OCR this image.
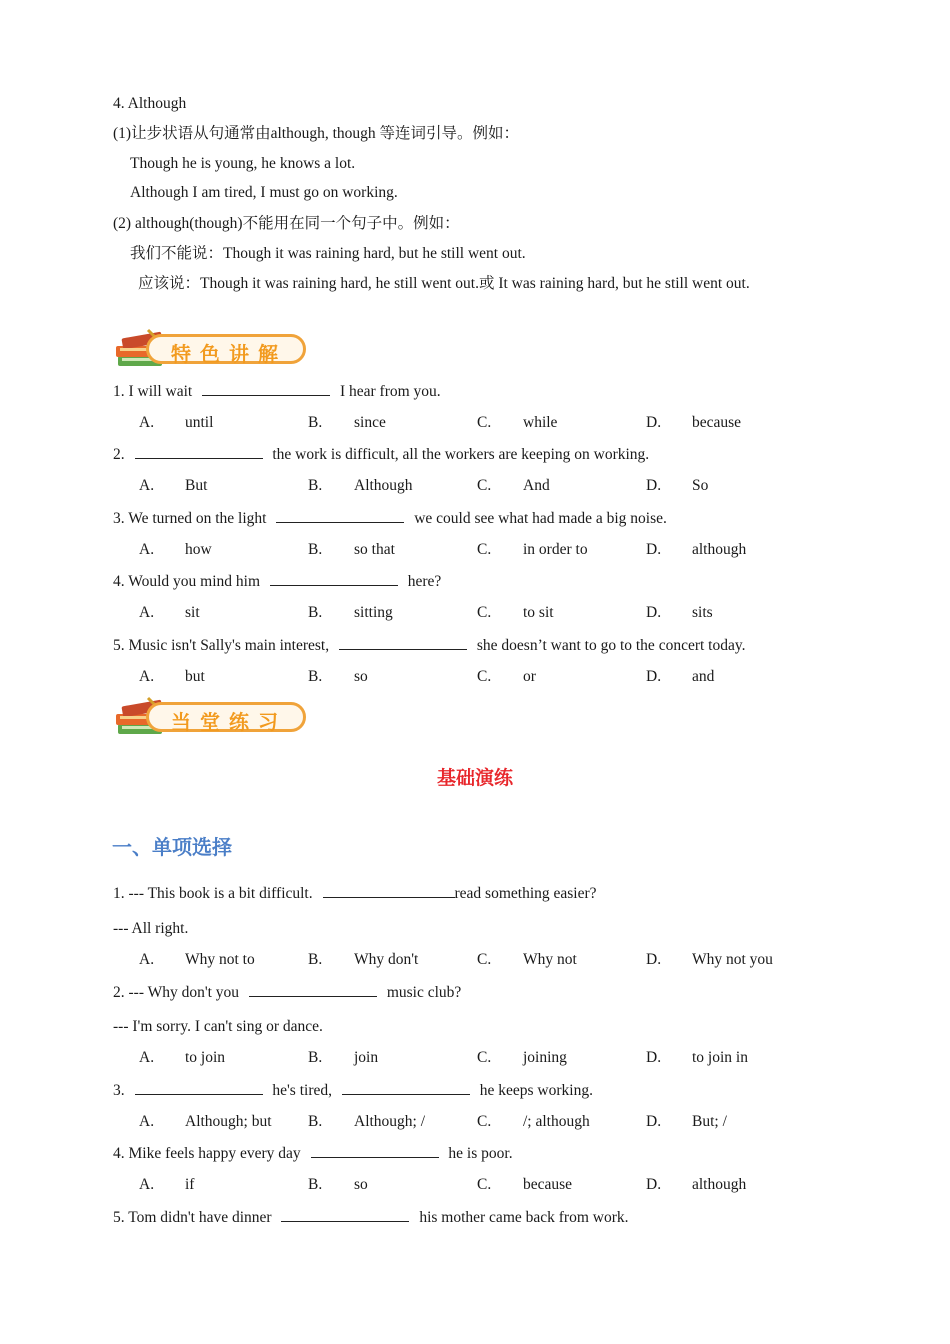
4. Although
(1)让步状语从句通常由although, though 等连词引导。例如：
Though he is young, he knows a lot.
Although I am tired, I must go on working.
(2) although(though)不能用在同一个句子中。例如：
我们不能说：Though it was raining hard, but he still went out.
应该说：Though it was raining hard, he still went out.或 It was raining hard, but he still went out.
特色讲解
1. I will wait	I hear from you.
A. until	B. since	C. while	D. because
2.	the work is difficult, all the workers are keeping on working.
A. But	B. Although	C. And	D. So
3. We turned on the light	we could see what had made a big noise.
A. how	B. so that	C. in order to	D. although
4. Would you mind him	here?
A. sit	B. sitting	C. to sit	D. sits
5. Music isn't Sally's main interest,	she doesn’t want to go to the concert today.
A. but	B. so	C. or	D. and
当堂练习
基础演练
一、单项选择
1. --- This book is a bit difficult.	read something easier?
--- All right.
A. Why not to	B. Why don't	C. Why not	D. Why not you
2. --- Why don't you	music club?
--- I'm sorry. I can't sing or dance.
A. to join	B. join	C. joining	D. to join in
3.	he's tired,	he keeps working.
A. Although; but B. Although; /	C. /; although	D. But; /
4. Mike feels happy every day	he is poor.
A. if	B. so	C. because	D. although
5. Tom didn't have dinner	his mother came back from work.
